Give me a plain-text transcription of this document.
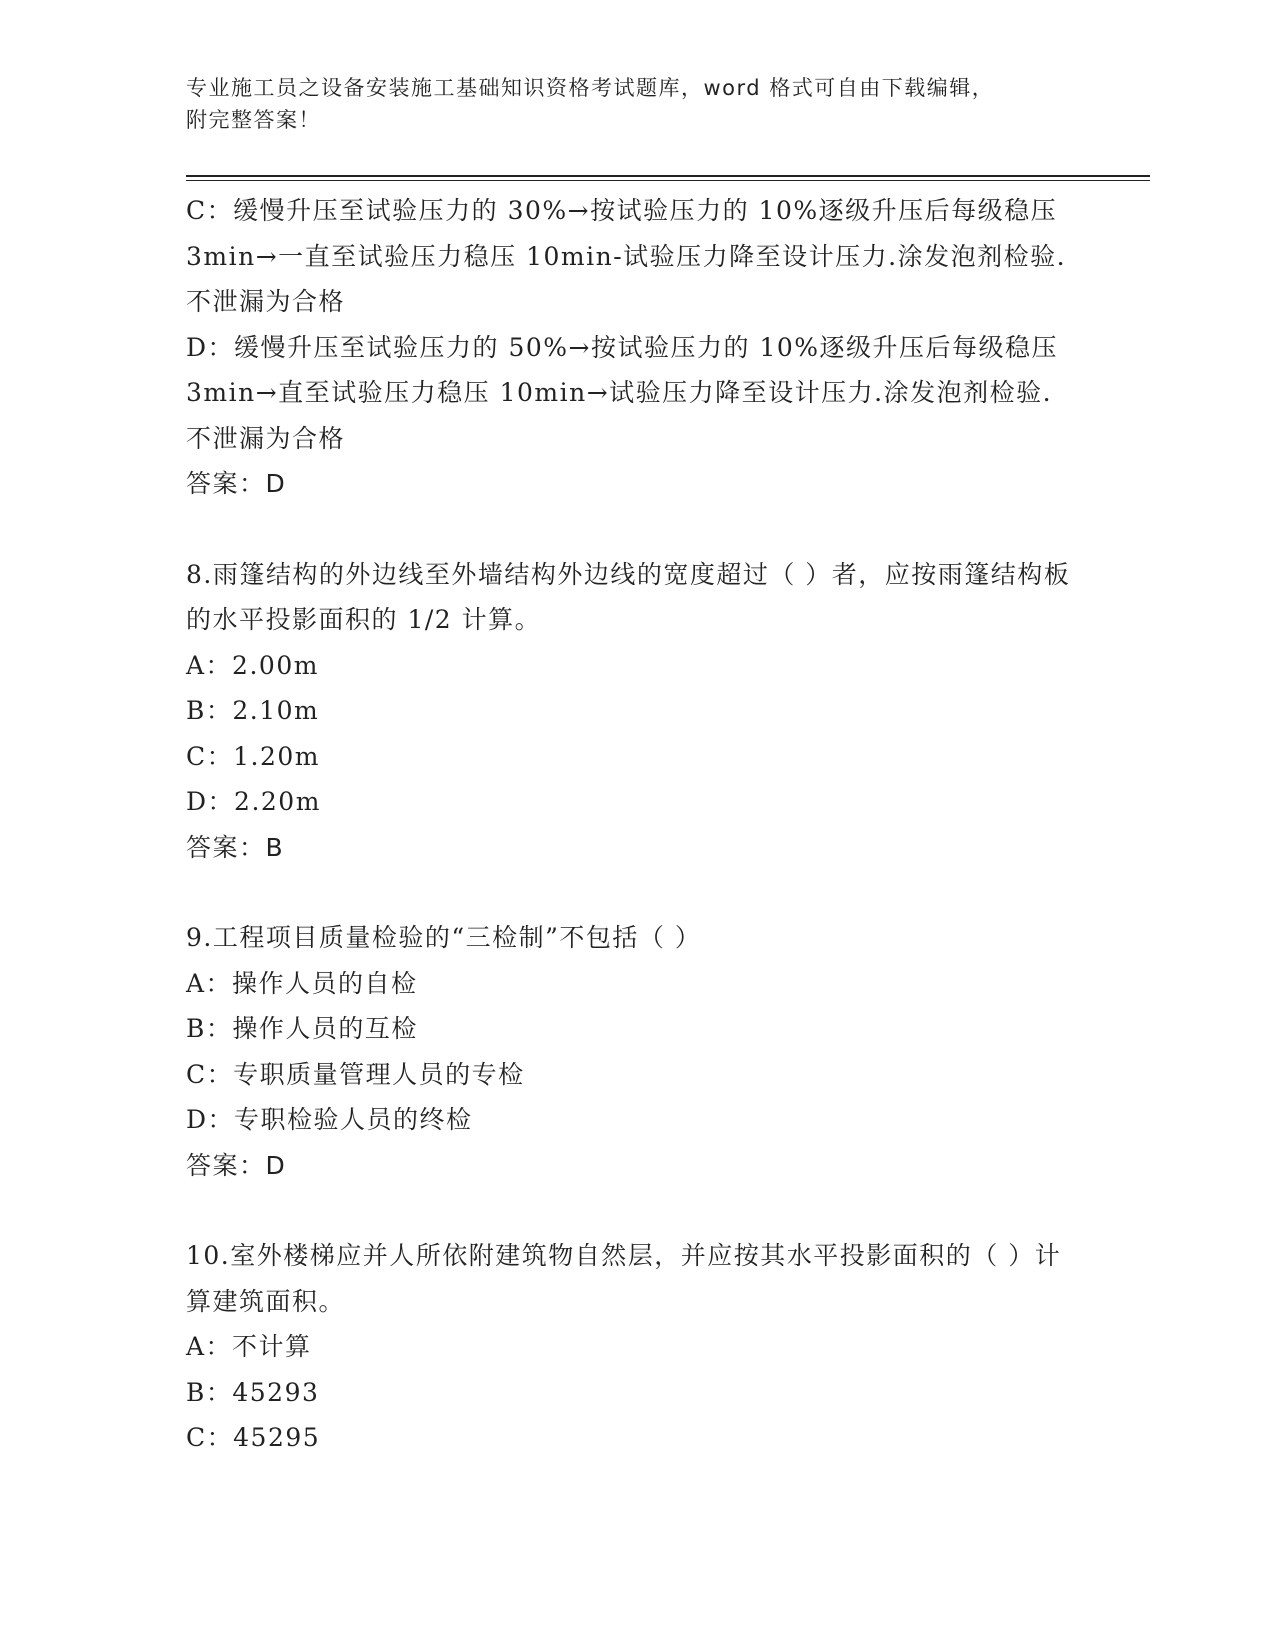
专业施工员之设备安装施工基础知识资格考试题库，word 格式可自由下载编辑，
附完整答案！

C：缓慢升压至试验压力的 30%→按试验压力的 10%逐级升压后每级稳压 3min→一直至试验压力稳压 10min-试验压力降至设计压力.涂发泡剂检验.不泄漏为合格

D：缓慢升压至试验压力的 50%→按试验压力的 10%逐级升压后每级稳压 3min→直至试验压力稳压 10min→试验压力降至设计压力.涂发泡剂检验.不泄漏为合格

答案：D

8.雨篷结构的外边线至外墙结构外边线的宽度超过（ ）者，应按雨篷结构板的水平投影面积的 1/2 计算。

A：2.00m

B：2.10m

C：1.20m

D：2.20m

答案：B

9.工程项目质量检验的“三检制”不包括（ ）

A：操作人员的自检

B：操作人员的互检

C：专职质量管理人员的专检

D：专职检验人员的终检

答案：D

10.室外楼梯应并人所依附建筑物自然层，并应按其水平投影面积的（ ）计算建筑面积。

A：不计算

B：45293

C：45295
